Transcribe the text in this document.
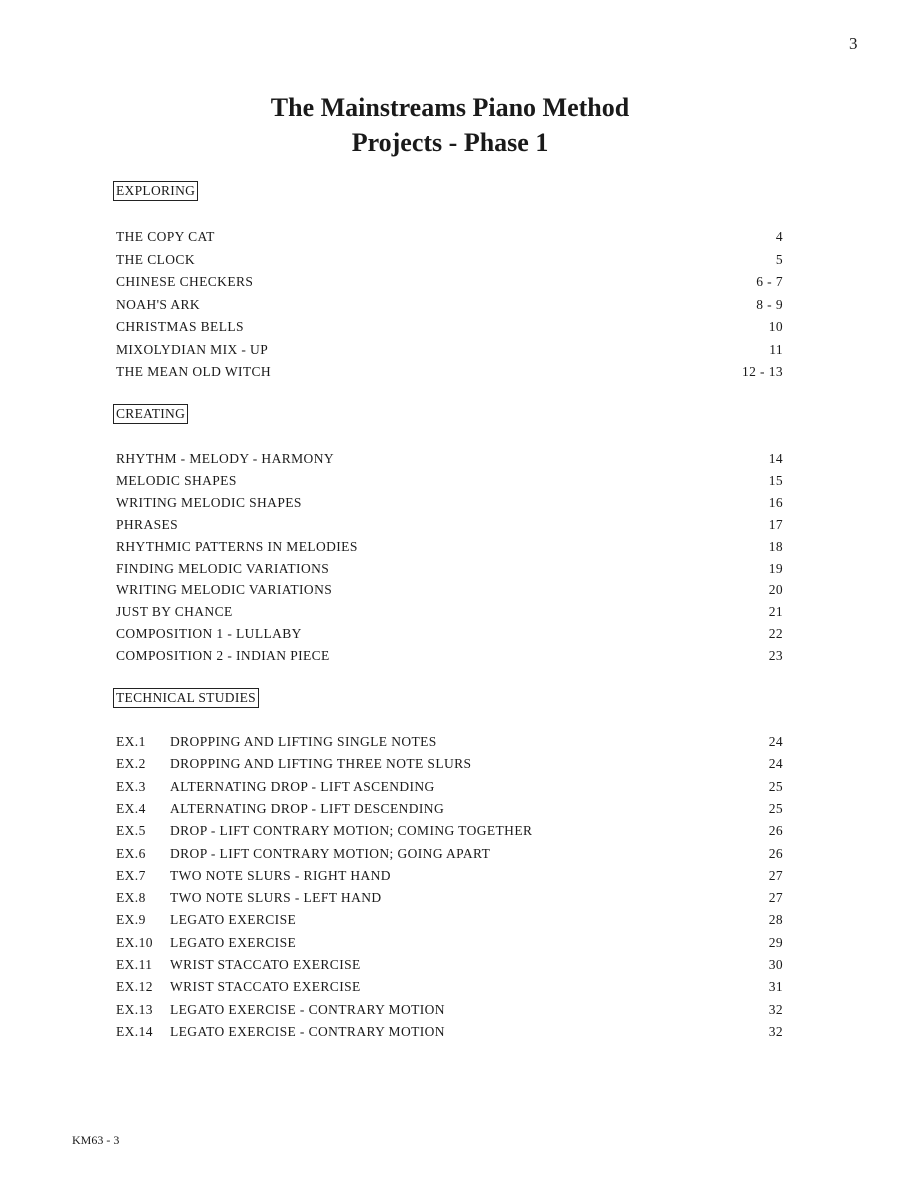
3
The Mainstreams Piano Method
Projects - Phase 1
EXPLORING
THE COPY CAT	4
THE CLOCK	5
CHINESE CHECKERS	6 - 7
NOAH'S ARK	8 - 9
CHRISTMAS BELLS	10
MIXOLYDIAN MIX - UP	11
THE MEAN OLD WITCH	12 - 13
CREATING
RHYTHM - MELODY - HARMONY	14
MELODIC SHAPES	15
WRITING MELODIC SHAPES	16
PHRASES	17
RHYTHMIC PATTERNS IN MELODIES	18
FINDING MELODIC VARIATIONS	19
WRITING MELODIC VARIATIONS	20
JUST BY CHANCE	21
COMPOSITION 1 - LULLABY	22
COMPOSITION 2 - INDIAN PIECE	23
TECHNICAL STUDIES
EX.1 DROPPING AND LIFTING SINGLE NOTES	24
EX.2 DROPPING AND LIFTING THREE NOTE SLURS	24
EX.3 ALTERNATING DROP - LIFT ASCENDING	25
EX.4 ALTERNATING DROP - LIFT DESCENDING	25
EX.5 DROP - LIFT CONTRARY MOTION; COMING TOGETHER	26
EX.6 DROP - LIFT CONTRARY MOTION; GOING APART	26
EX.7 TWO NOTE SLURS - RIGHT HAND	27
EX.8 TWO NOTE SLURS - LEFT HAND	27
EX.9 LEGATO EXERCISE	28
EX.10 LEGATO EXERCISE	29
EX.11 WRIST STACCATO EXERCISE	30
EX.12 WRIST STACCATO EXERCISE	31
EX.13 LEGATO EXERCISE - CONTRARY MOTION	32
EX.14 LEGATO EXERCISE - CONTRARY MOTION	32
KM63 - 3
